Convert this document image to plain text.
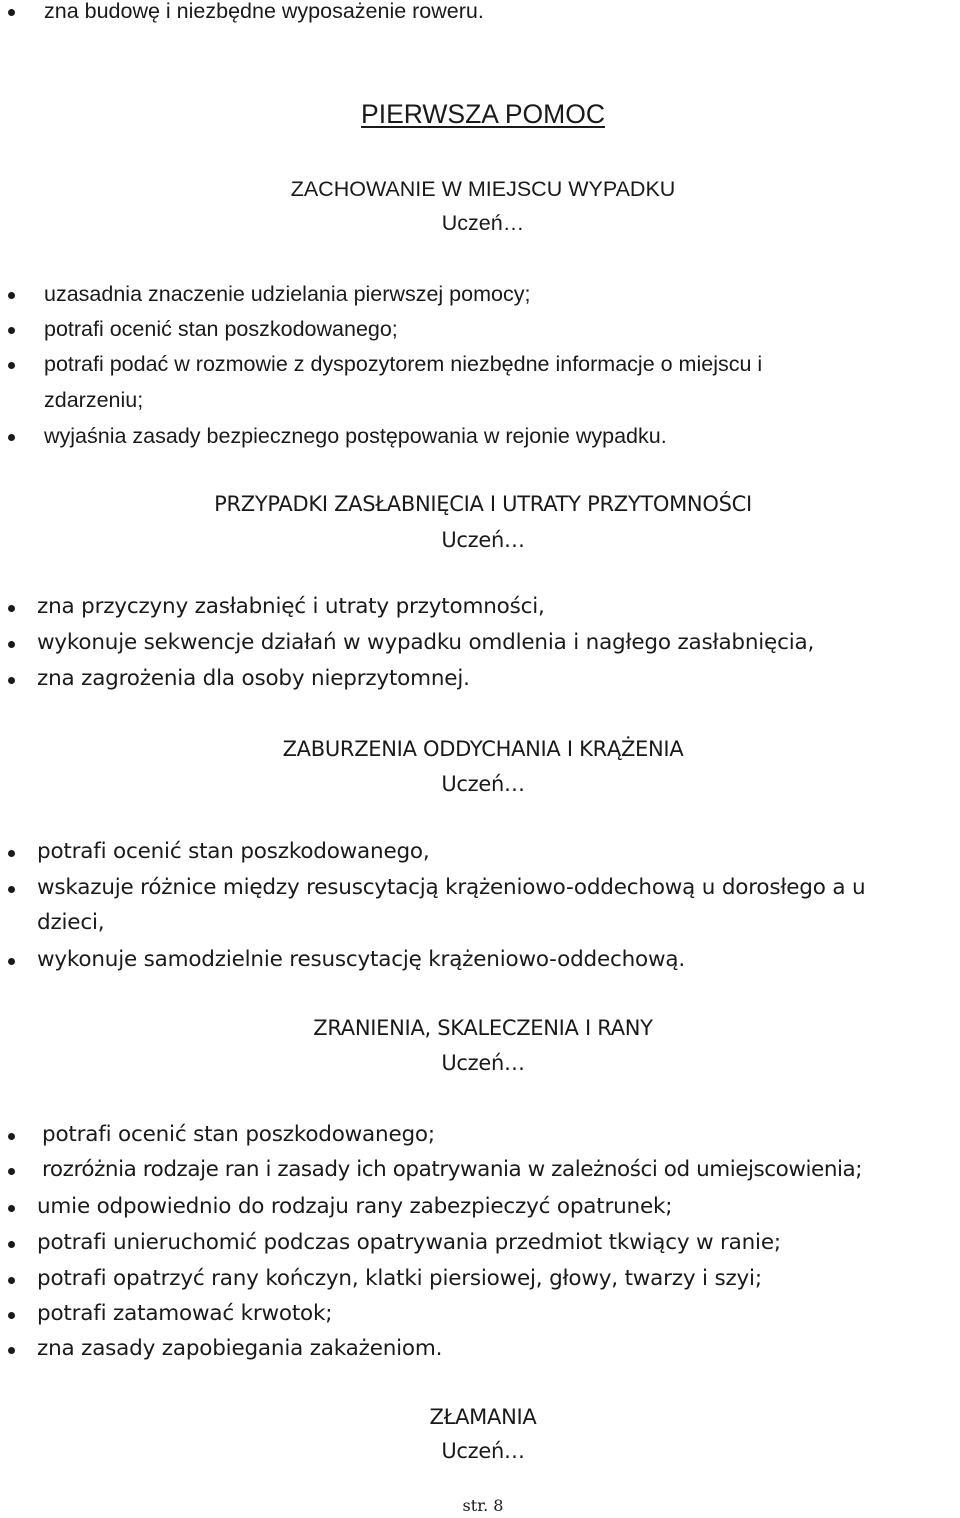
zna budowę i niezbędne wyposażenie roweru.
PIERWSZA POMOC
ZACHOWANIE W MIEJSCU WYPADKU
Uczeń…
uzasadnia znaczenie udzielania pierwszej pomocy;
potrafi ocenić stan poszkodowanego;
potrafi podać w rozmowie z dyspozytorem niezbędne informacje o miejscu i
zdarzeniu;
wyjaśnia zasady bezpiecznego postępowania w rejonie wypadku.
PRZYPADKI ZASŁABNIĘCIA I UTRATY PRZYTOMNOŚCI
Uczeń…
zna przyczyny zasłabnięć i utraty przytomności,
wykonuje sekwencje działań w wypadku omdlenia i nagłego zasłabnięcia,
zna zagrożenia dla osoby nieprzytomnej.
ZABURZENIA ODDYCHANIA I KRĄŻENIA
Uczeń…
potrafi ocenić stan poszkodowanego,
wskazuje różnice między resuscytacją krążeniowo-oddechową u dorosłego a u
dzieci,
wykonuje samodzielnie resuscytację krążeniowo-oddechową.
ZRANIENIA, SKALECZENIA I RANY
Uczeń…
potrafi ocenić stan poszkodowanego;
rozróżnia rodzaje ran i zasady ich opatrywania w zależności od umiejscowienia;
umie odpowiednio do rodzaju rany zabezpieczyć opatrunek;
potrafi unieruchomić podczas opatrywania przedmiot tkwiący w ranie;
potrafi opatrzyć rany kończyn, klatki piersiowej, głowy, twarzy i szyi;
potrafi zatamować krwotok;
zna zasady zapobiegania zakażeniom.
ZŁAMANIA
Uczeń…
str. 8
